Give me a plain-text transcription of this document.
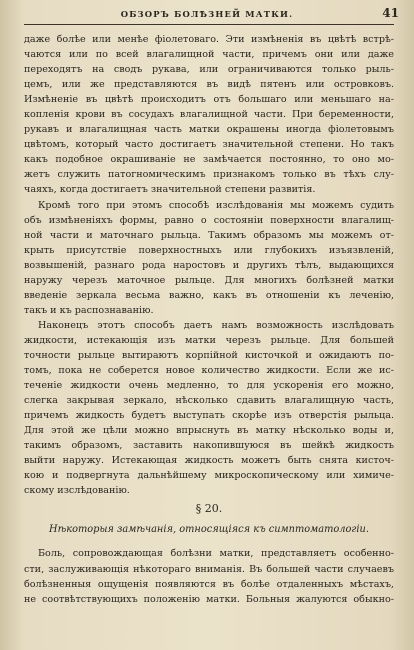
ОБЗОРЪ БОЛѢЗНЕЙ МАТКИ.	41
даже болѣе или менѣе фіолетоваго. Эти измѣненія въ цвѣтѣ встрѣ-
чаются или по всей влагалищной части, причемъ они или даже
переходятъ на сводъ рукава, или ограничиваются только рыль-
цемъ, или же представляются въ видѣ пятенъ или островковъ.
Измѣненіе въ цвѣтѣ происходитъ отъ большаго или меньшаго на-
копленія крови въ сосудахъ влагалищной части. При беременности,
рукавъ и влагалищная часть матки окрашены иногда фіолетовымъ
цвѣтомъ, который часто достигаетъ значительной степени. Но такъ
какъ подобное окрашиваніе не замѣчается постоянно, то оно мо-
жетъ служить патогномическимъ признакомъ только въ тѣхъ слу-
чаяхъ, когда достигаетъ значительной степени развитія.
Кромѣ того при этомъ способѣ изслѣдованія мы можемъ судить
объ измѣненіяхъ формы, равно о состояніи поверхности влагалищ-
ной части и маточнаго рыльца. Такимъ образомъ мы можемъ от-
крыть присутствіе поверхностныхъ или глубокихъ изъязвленій,
возвышеній, разнаго рода наростовъ и другихъ тѣлъ, выдающихся
наружу черезъ маточное рыльце. Для многихъ болѣзней матки
введеніе зеркала весьма важно, какъ въ отношеніи къ леченію,
такъ и къ распознаванію.
Наконецъ этотъ способъ даетъ намъ возможность изслѣдовать
жидкости, истекающія изъ матки черезъ рыльце. Для большей
точности рыльце вытираютъ корпійной кисточкой и ожидаютъ по-
томъ, пока не соберется новое количество жидкости. Если же ис-
теченіе жидкости очень медленно, то для ускоренія его можно,
слегка закрывая зеркало, нѣсколько сдавить влагалищную часть,
причемъ жидкость будетъ выступать скорѣе изъ отверстія рыльца.
Для этой же цѣли можно впрыснуть въ матку нѣсколько воды и,
такимъ образомъ, заставить накопившуюся въ шейкѣ жидкость
выйти наружу. Истекающая жидкость можетъ быть снята кисточ-
кою и подвергнута дальнѣйшему микроскопическому или химиче-
скому изслѣдованію.
§ 20.
Нѣкоторыя замѣчанія, относящіяся къ симптоматологіи.
Боль, сопровождающая болѣзни матки, представляетъ особенно-
сти, заслуживающія нѣкотораго вниманія. Въ большей части случаевъ
болѣзненныя ощущенія появляются въ болѣе отдаленныхъ мѣстахъ,
не соотвѣтствующихъ положенію матки. Больныя жалуются обыкно-
